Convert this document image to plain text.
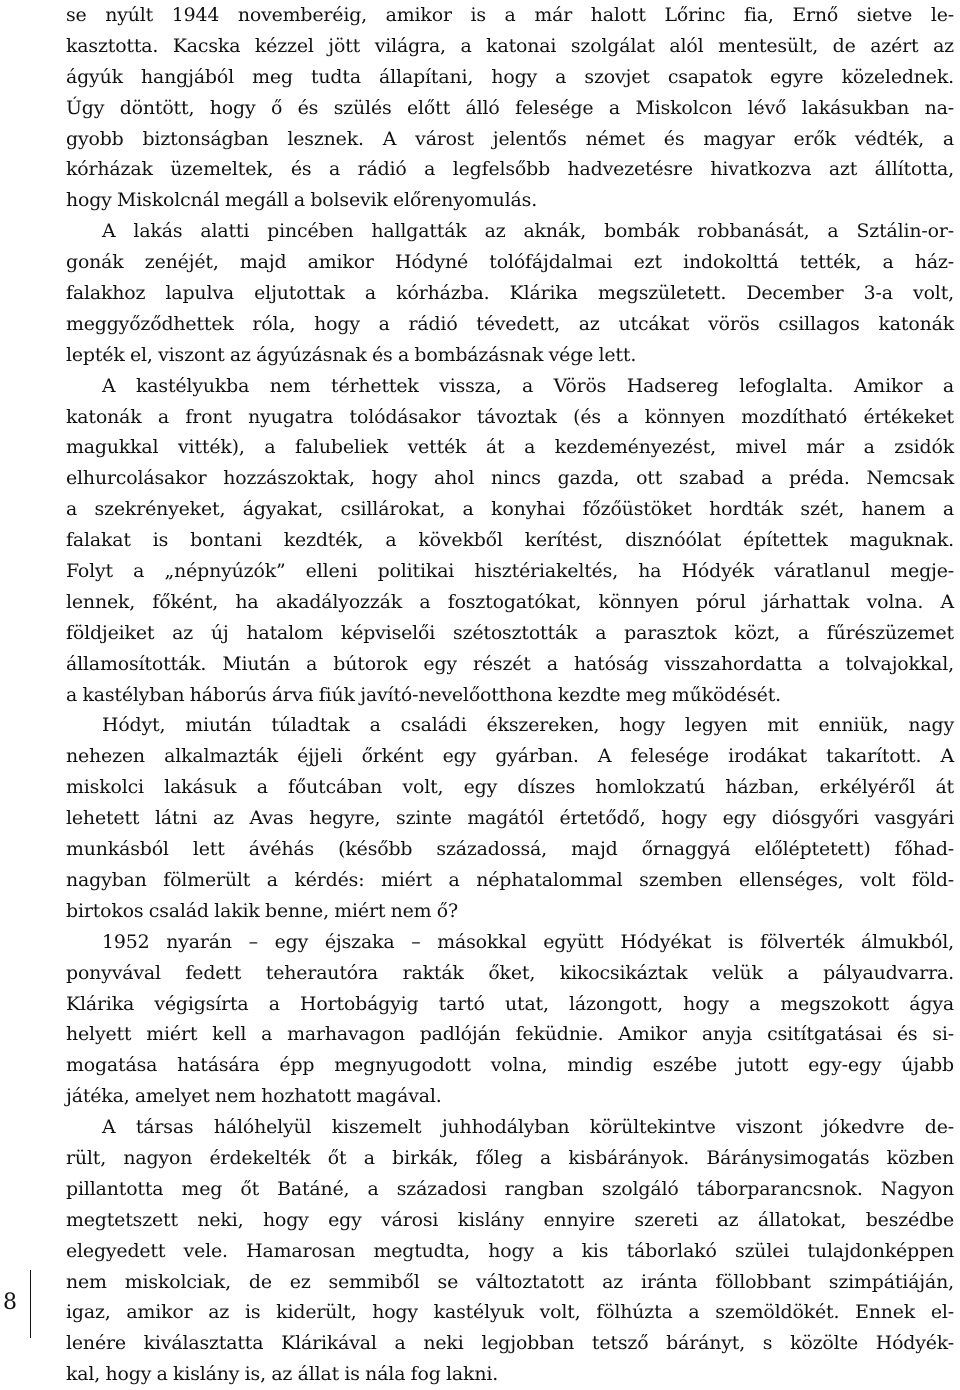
se nyúlt 1944 novemberéig, amikor is a már halott Lőrinc fia, Ernő sietve le-
kasztotta. Kacska kézzel jött világra, a katonai szolgálat alól mentesült, de azért az
ágyúk hangjából meg tudta állapítani, hogy a szovjet csapatok egyre közelednek.
Úgy döntött, hogy ő és szülés előtt álló felesége a Miskolcon lévő lakásukban na-
gyobb biztonságban lesznek. A várost jelentős német és magyar erők védték, a
kórházak üzemeltek, és a rádió a legfelsőbb hadvezetésre hivatkozva azt állította,
hogy Miskolcnál megáll a bolsevik előrenyomulás.
A lakás alatti pincében hallgatták az aknák, bombák robbanását, a Sztálin-or-
gonák zenéjét, majd amikor Hódyné tolófájdalmai ezt indokolttá tették, a ház-
falakhoz lapulva eljutottak a kórházba. Klárika megszületett. December 3-a volt,
meggyőződhettek róla, hogy a rádió tévedett, az utcákat vörös csillagos katonák
lepték el, viszont az ágyúzásnak és a bombázásnak vége lett.
A kastélyukba nem térhettek vissza, a Vörös Hadsereg lefoglalta. Amikor a
katonák a front nyugatra tolódásakor távoztak (és a könnyen mozdítható értékeket
magukkal vitték), a falubeliek vették át a kezdeményezést, mivel már a zsidók
elhurcolásakor hozzászoktak, hogy ahol nincs gazda, ott szabad a préda. Nemcsak
a szekrényeket, ágyakat, csillárokat, a konyhai főzőüstöket hordták szét, hanem a
falakat is bontani kezdték, a kövekből kerítést, disznóólat építettek maguknak.
Folyt a „népnyúzók” elleni politikai hisztériakeltés, ha Hódyék váratlanul megje-
lennek, főként, ha akadályozzák a fosztogatókat, könnyen pórul járhattak volna. A
földjeiket az új hatalom képviselői szétosztották a parasztok közt, a fűrészüzemet
államosították. Miután a bútorok egy részét a hatóság visszahordatta a tolvajokkal,
a kastélyban háborús árva fiúk javító-nevelőotthona kezdte meg működését.
Hódyt, miután túladtak a családi ékszereken, hogy legyen mit enniük, nagy
nehezen alkalmazták éjjeli őrként egy gyárban. A felesége irodákat takarított. A
miskolci lakásuk a főutcában volt, egy díszes homlokzatú házban, erkélyéről át
lehetett látni az Avas hegyre, szinte magától értetődő, hogy egy diósgyőri vasgyári
munkásból lett ávéhás (később századossá, majd őrnaggyá előléptetett) főhad-
nagyban fölmerült a kérdés: miért a néphatalommal szemben ellenséges, volt föld-
birtokos család lakik benne, miért nem ő?
1952 nyarán – egy éjszaka – másokkal együtt Hódyékat is fölverték álmukból,
ponyvával fedett teherautóra rakták őket, kikocsikáztak velük a pályaudvarra.
Klárika végigsírta a Hortobágyig tartó utat, lázongott, hogy a megszokott ágya
helyett miért kell a marhavagon padlóján feküdnie. Amikor anyja csitítgatásai és si-
mogatása hatására épp megnyugodott volna, mindig eszébe jutott egy-egy újabb
játéka, amelyet nem hozhatott magával.
A társas hálóhelyül kiszemelt juhhodályban körültekintve viszont jókedvre de-
rült, nagyon érdekelték őt a birkák, főleg a kisbárányok. Báránysimogatás közben
pillantotta meg őt Batáné, a századosi rangban szolgáló táborparancsnok. Nagyon
megtetszett neki, hogy egy városi kislány ennyire szereti az állatokat, beszédbe
elegyedett vele. Hamarosan megtudta, hogy a kis táborlakó szülei tulajdonképpen
nem miskolciak, de ez semmiből se változtatott az iránta föllobbant szimpátiáján,
igaz, amikor az is kiderült, hogy kastélyuk volt, fölhúzta a szemöldökét. Ennek el-
lenére kiválasztatta Klárikával a neki legjobban tetsző bárányt, s közölte Hódyék-
kal, hogy a kislány is, az állat is nála fog lakni.
8
